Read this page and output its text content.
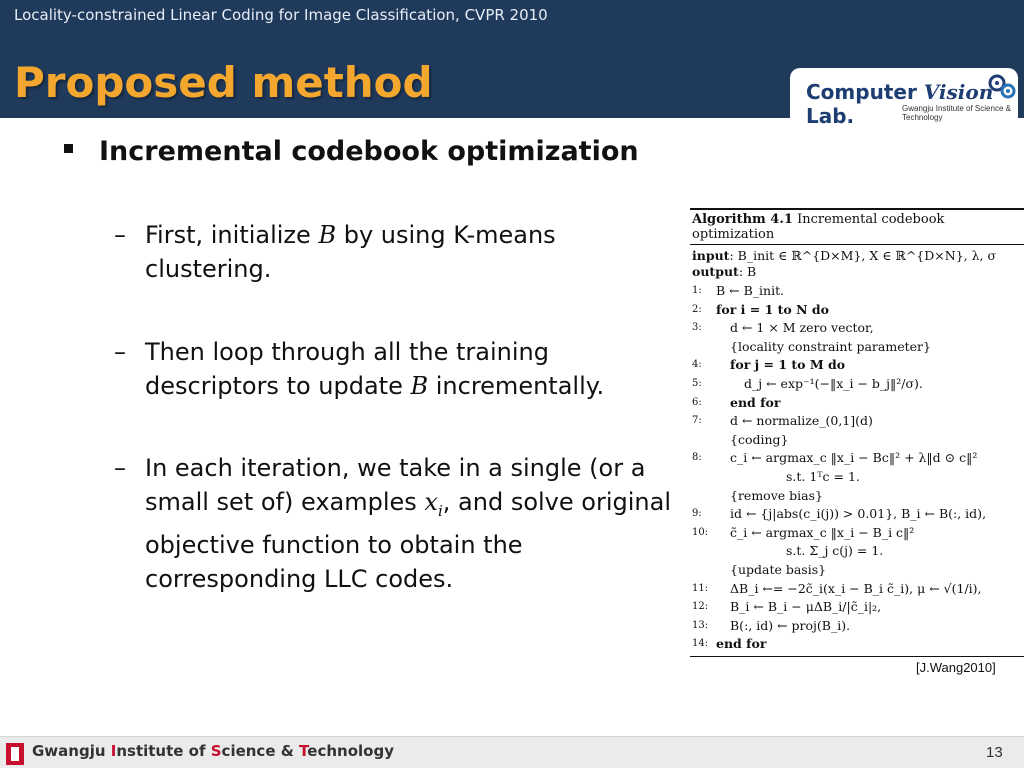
Locality-constrained Linear Coding for Image Classification, CVPR 2010
Proposed method	Computer Vision Lab.	Gwangju Institute of Science & Technology
Incremental codebook optimization
– First, initialize B by using K-means clustering.
– Then loop through all the training descriptors to update B incrementally.
– In each iteration, we take in a single (or a small set of) examples $x_i$, and solve original objective function to obtain the corresponding LLC codes.
Algorithm 4.1 Incremental codebook optimization
input: B_init ∈ ℝ^{D×M}, X ∈ ℝ^{D×N}, λ, σ
output: B
1:	B ← B_init.
2:	for i = 1 to N do
3:	d ← 1 × M zero vector,
{locality constraint parameter}
4:	for j = 1 to M do
5:	d_j ← exp⁻¹(−‖x_i − b_j‖²/σ).
6:	end for
7:	d ← normalize_(0,1](d)
{coding}
8:	c_i ← argmax_c ‖x_i − Bc‖² + λ‖d ⊙ c‖²
s.t. 1ᵀc = 1.
{remove bias}
9:	id ← {j|abs(c_i(j)) > 0.01}, B_i ← B(:, id),
10:	c̃_i ← argmax_c ‖x_i − B_i c‖²
s.t. Σ_j c(j) = 1.
{update basis}
11:	ΔB_i ←= −2c̃_i(x_i − B_i c̃_i), μ ← √(1/i),
12:	B_i ← B_i − μΔB_i/|c̃_i|₂,
13:	B(:, id) ← proj(B_i).
14: end for
[J.Wang2010]
Gwangju Institute of Science & Technology	13
